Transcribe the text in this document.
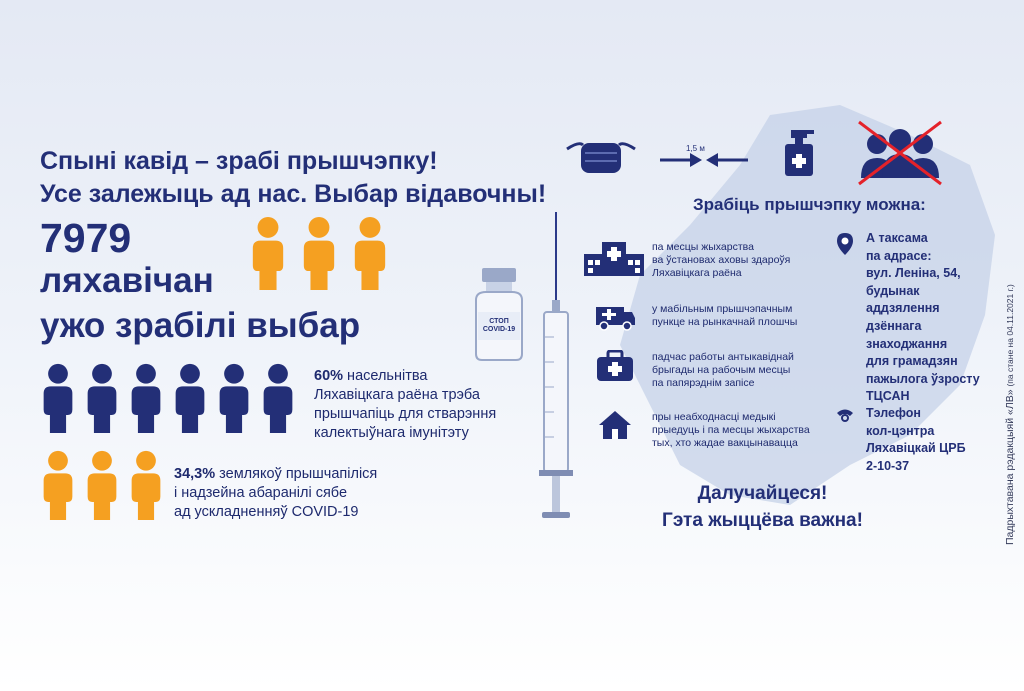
Спыні кавід – зрабі прышчэпку!
Усе залежыць ад нас. Выбар відавочны!
7979
ляхавічан
ужо зрабілі выбар
60% насельнітва
Ляхавіцкага раёна трэба
прышчапіць для стварэння
калектыўнага імунітэту
34,3% землякоў прышчапіліся
і надзейна абаранілі сябе
ад ускладненняў COVID-19
СТОП
COVID-19
1,5 м
Зрабіць прышчэпку можна:
па месцы жыхарства
ва ўстановах аховы здароўя
Ляхавіцкага раёна
у мабільным прышчэпачным
пункце на рынкачнай плошчы
падчас работы антыкавіднай
брыгады на рабочым месцы
па папярэднім запісе
пры неабходнасці медыкі
прыедуць і па месцы жыхарства
тых, хто жадае вакцынавацца
А таксама
па адрасе:
вул. Леніна, 54,
будынак
аддзялення
дзённага
знаходжання
для грамадзян
пажылога ўзросту
ТЦСАН
Тэлефон
кол-цэнтра
Ляхавіцкай ЦРБ
2-10-37
Далучайцеся!
Гэта жыццёва важна!	Падрыхтавана рэдакцыяй «ЛВ» (па стане на 04.11.2021 г.)
